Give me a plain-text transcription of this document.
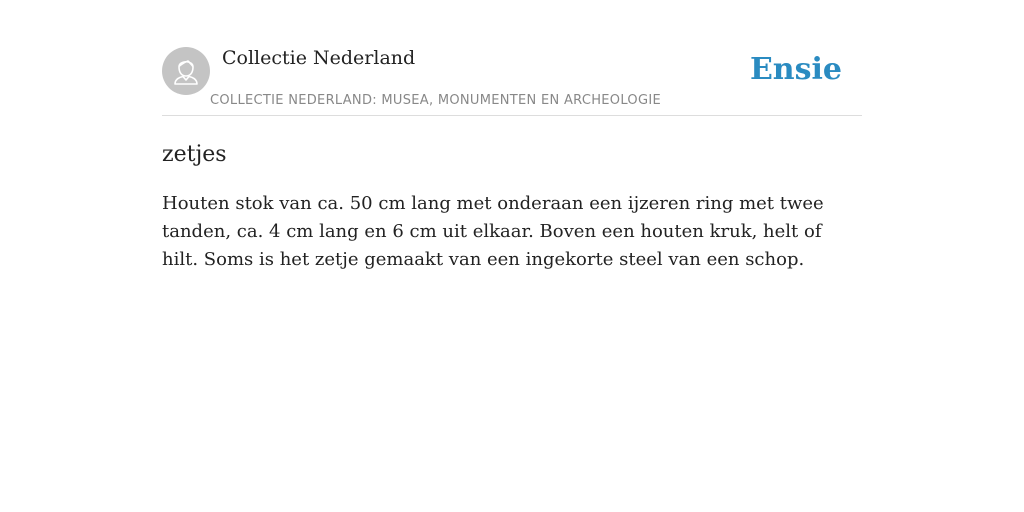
Collectie Nederland
COLLECTIE NEDERLAND: MUSEA, MONUMENTEN EN ARCHEOLOGIE
Ensie
zetjes

Houten stok van ca. 50 cm lang met onderaan een ijzeren ring met twee tanden, ca. 4 cm lang en 6 cm uit elkaar. Boven een houten kruk, helt of hilt. Soms is het zetje gemaakt van een ingekorte steel van een schop.
